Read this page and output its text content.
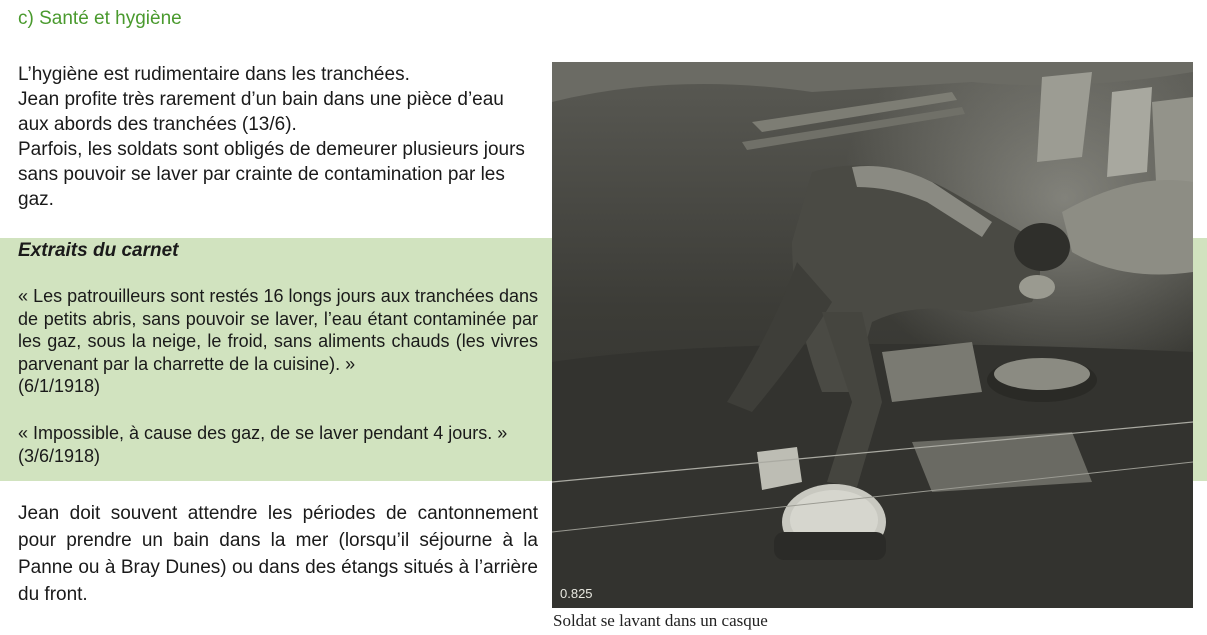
c) Santé et hygiène
L’hygiène est rudimentaire dans les tranchées.
Jean profite très rarement d’un bain dans une pièce d’eau aux abords des tranchées (13/6).
Parfois, les soldats sont obligés de demeurer plusieurs jours sans pouvoir se laver par crainte de contamination par les gaz.
Extraits du carnet
« Les patrouilleurs sont restés 16 longs jours aux tranchées dans de petits abris, sans pouvoir se laver, l’eau étant contaminée par les gaz, sous la neige, le froid, sans aliments chauds (les vivres parvenant par la charrette de la cuisine). »
(6/1/1918)
« Impossible, à cause des gaz, de se laver pendant 4 jours. »
(3/6/1918)
Jean doit souvent attendre les périodes de cantonnement pour prendre un bain dans la mer (lorsqu’il séjourne à la Panne ou à Bray Dunes) ou dans des étangs situés à l’arrière du front.	0.825
Soldat se lavant dans un casque
